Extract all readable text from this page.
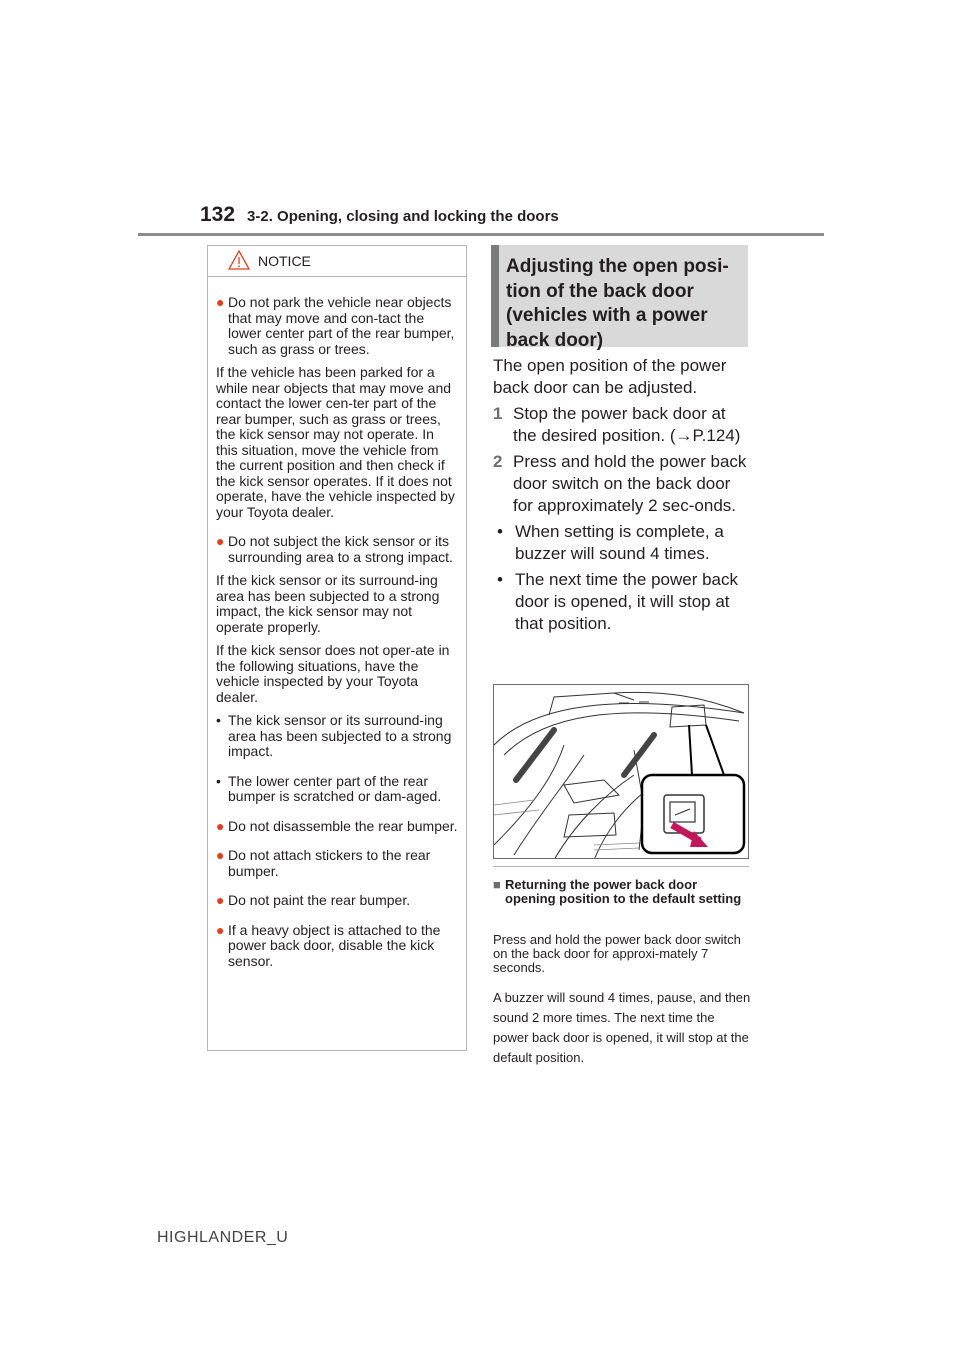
132 3-2. Opening, closing and locking the doors
NOTICE
● Do not park the vehicle near objects that may move and con-tact the lower center part of the rear bumper, such as grass or trees.
If the vehicle has been parked for a while near objects that may move and contact the lower cen-ter part of the rear bumper, such as grass or trees, the kick sensor may not operate. In this situation, move the vehicle from the current position and then check if the kick sensor operates. If it does not operate, have the vehicle inspected by your Toyota dealer.
● Do not subject the kick sensor or its surrounding area to a strong impact.
If the kick sensor or its surround-ing area has been subjected to a strong impact, the kick sensor may not operate properly.
If the kick sensor does not oper-ate in the following situations, have the vehicle inspected by your Toyota dealer.
• The kick sensor or its surround-ing area has been subjected to a strong impact.
• The lower center part of the rear bumper is scratched or dam-aged.
● Do not disassemble the rear bumper.
● Do not attach stickers to the rear bumper.
● Do not paint the rear bumper.
● If a heavy object is attached to the power back door, disable the kick sensor.
Adjusting the open posi-tion of the back door (vehicles with a power back door)
The open position of the power back door can be adjusted.
1 Stop the power back door at the desired position. (→P.124)
2 Press and hold the power back door switch on the back door for approximately 2 sec-onds.
• When setting is complete, a buzzer will sound 4 times.
• The next time the power back door is opened, it will stop at that position.
■ Returning the power back door opening position to the default setting
Press and hold the power back door switch on the back door for approxi-mately 7 seconds.
A buzzer will sound 4 times, pause, and then sound 2 more times. The next time the power back door is opened, it will stop at the default position.
HIGHLANDER_U
